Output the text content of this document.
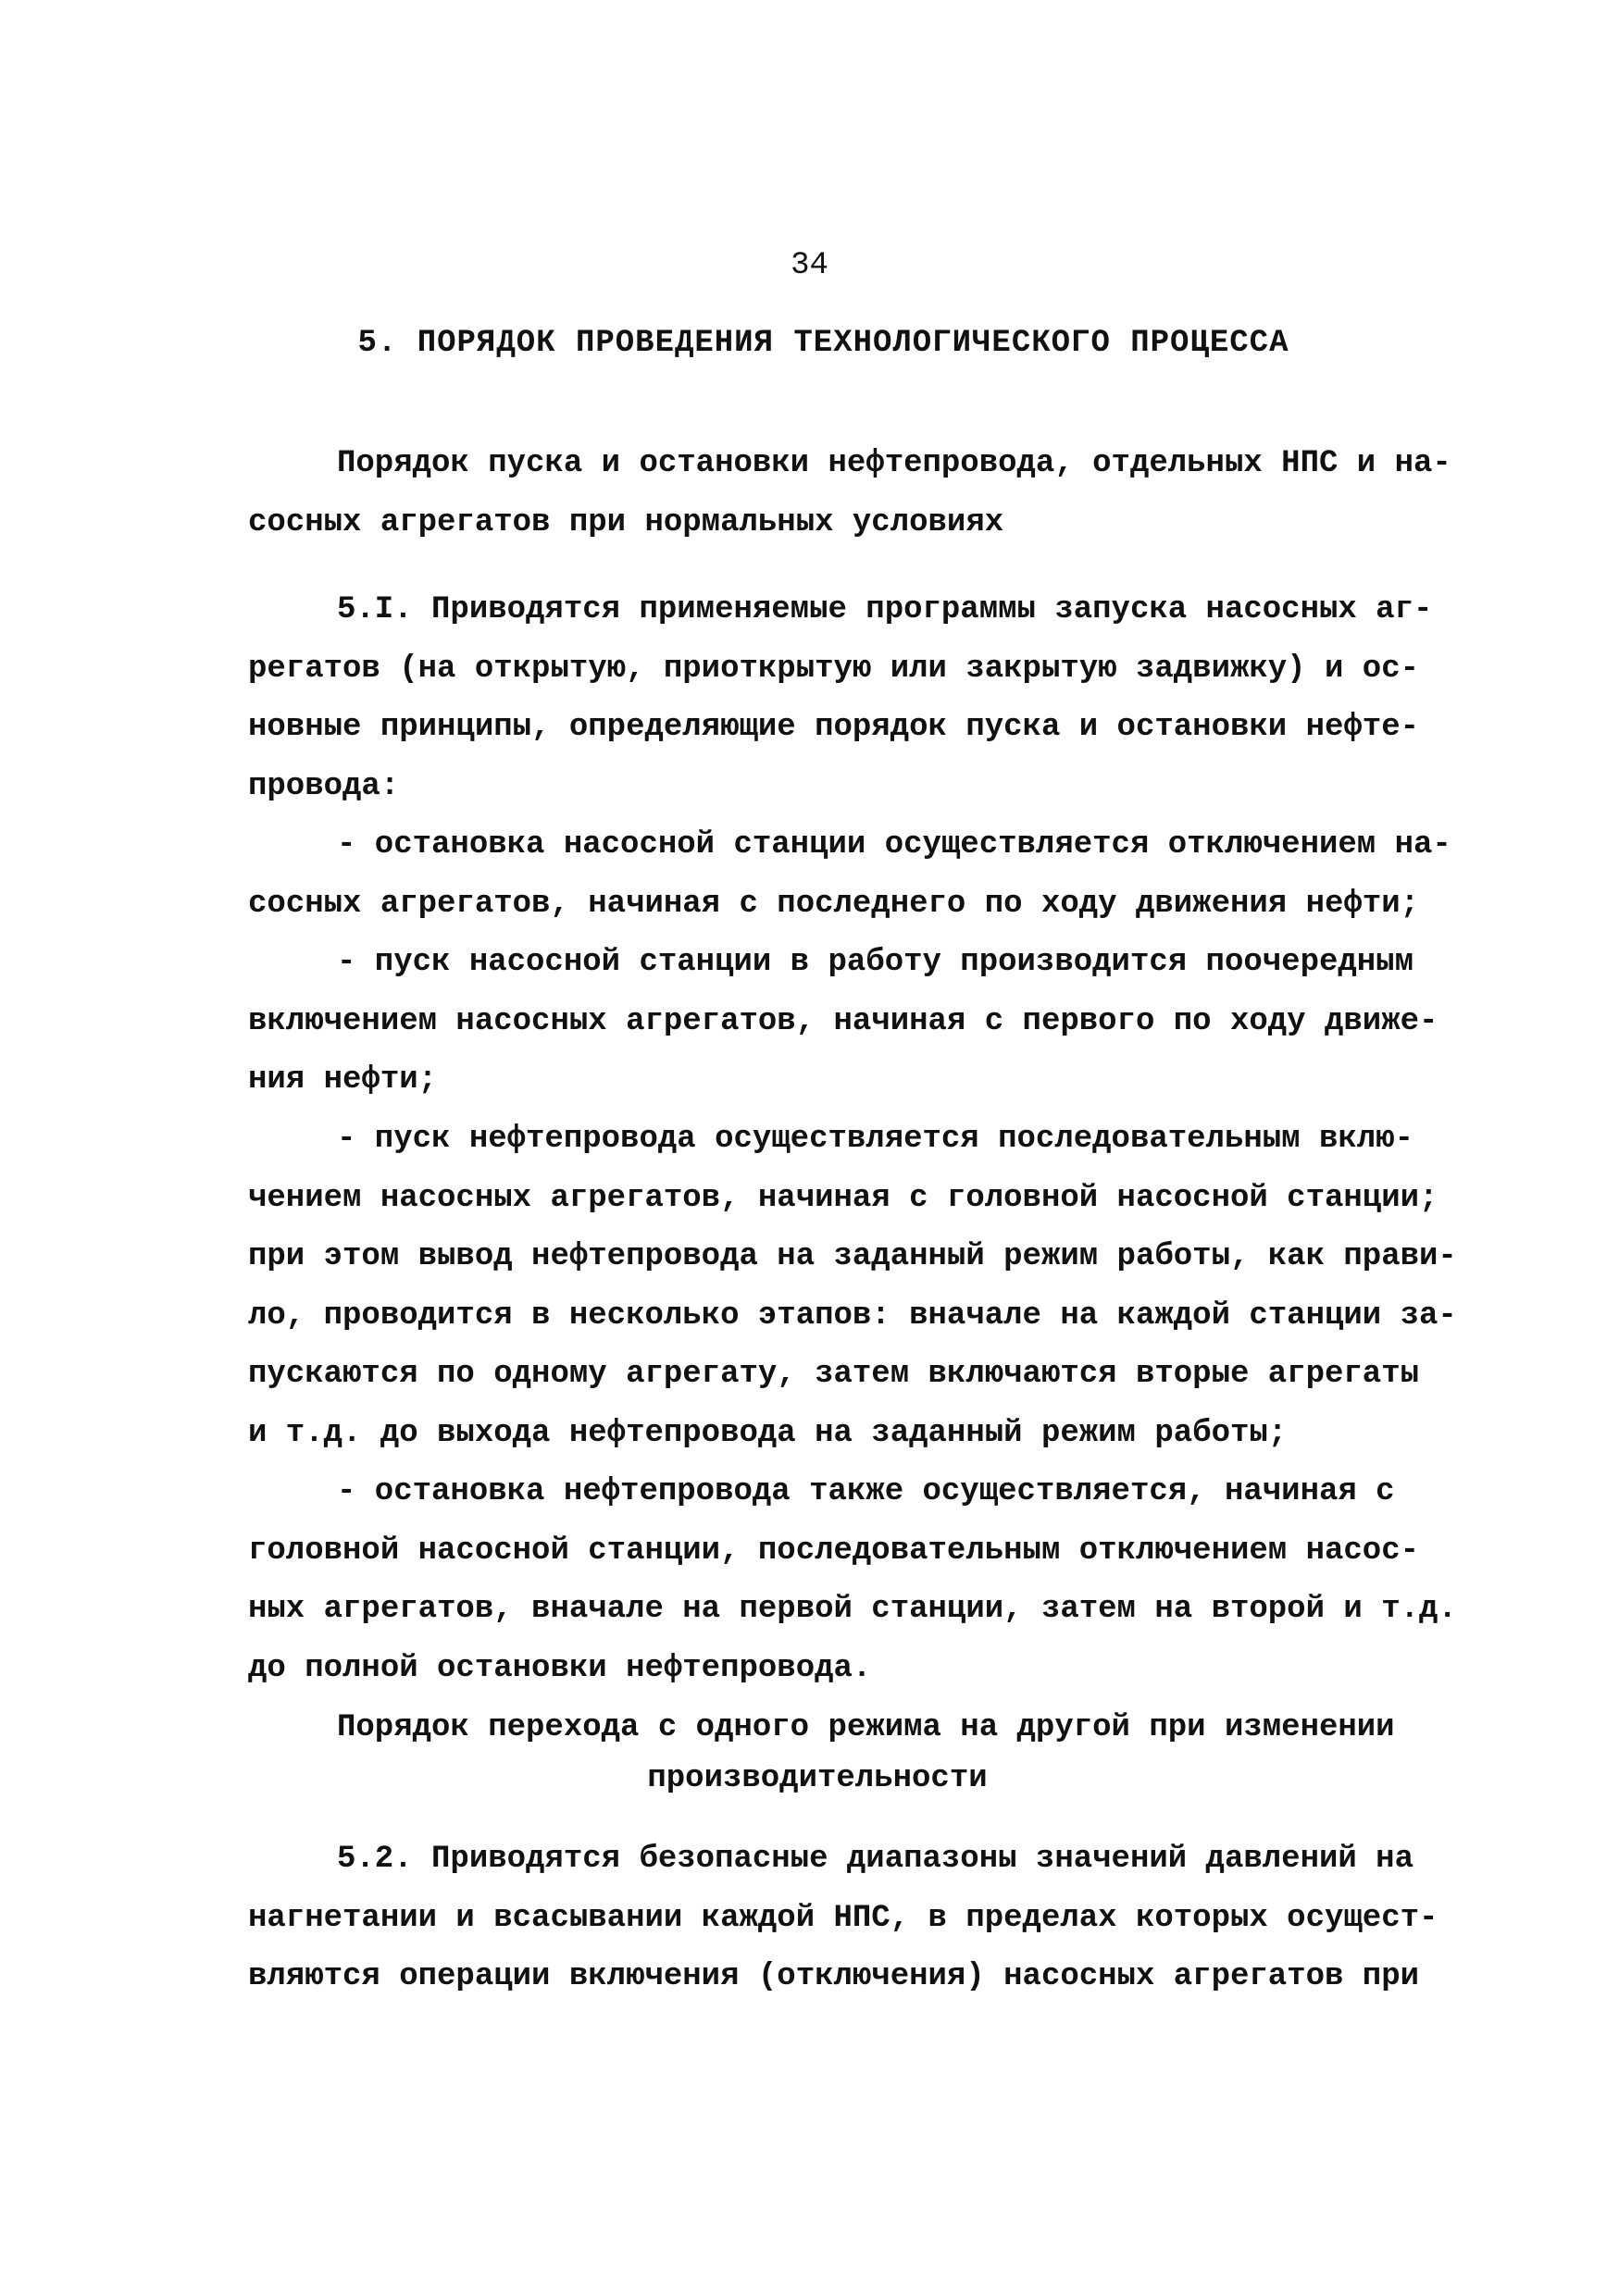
34
5. ПОРЯДОК ПРОВЕДЕНИЯ ТЕХНОЛОГИЧЕСКОГО ПРОЦЕССА
Порядок пуска и остановки нефтепровода, отдельных НПС и на-
сосных агрегатов при нормальных условиях
5.I. Приводятся применяемые программы запуска насосных аг-
регатов (на открытую, приоткрытую или закрытую задвижку) и ос-
новные принципы, определяющие порядок пуска и остановки нефте-
провода:
- остановка насосной станции осуществляется отключением на-
сосных агрегатов, начиная с последнего по ходу движения нефти;
- пуск насосной станции в работу производится поочередным
включением насосных агрегатов, начиная с первого по ходу движе-
ния нефти;
- пуск нефтепровода осуществляется последовательным вклю-
чением насосных агрегатов, начиная с головной насосной станции;
при этом вывод нефтепровода на заданный режим работы, как прави-
ло, проводится в несколько этапов: вначале на каждой станции за-
пускаются по одному агрегату, затем включаются вторые агрегаты
и т.д. до выхода нефтепровода на заданный режим работы;
- остановка нефтепровода также осуществляется, начиная с
головной насосной станции, последовательным отключением насос-
ных агрегатов, вначале на первой станции, затем на второй и т.д.
до полной остановки нефтепровода.
Порядок перехода с одного режима на другой при изменении
производительности
5.2. Приводятся безопасные диапазоны значений давлений на
нагнетании и всасывании каждой НПС, в пределах которых осущест-
вляются операции включения (отключения) насосных агрегатов при
